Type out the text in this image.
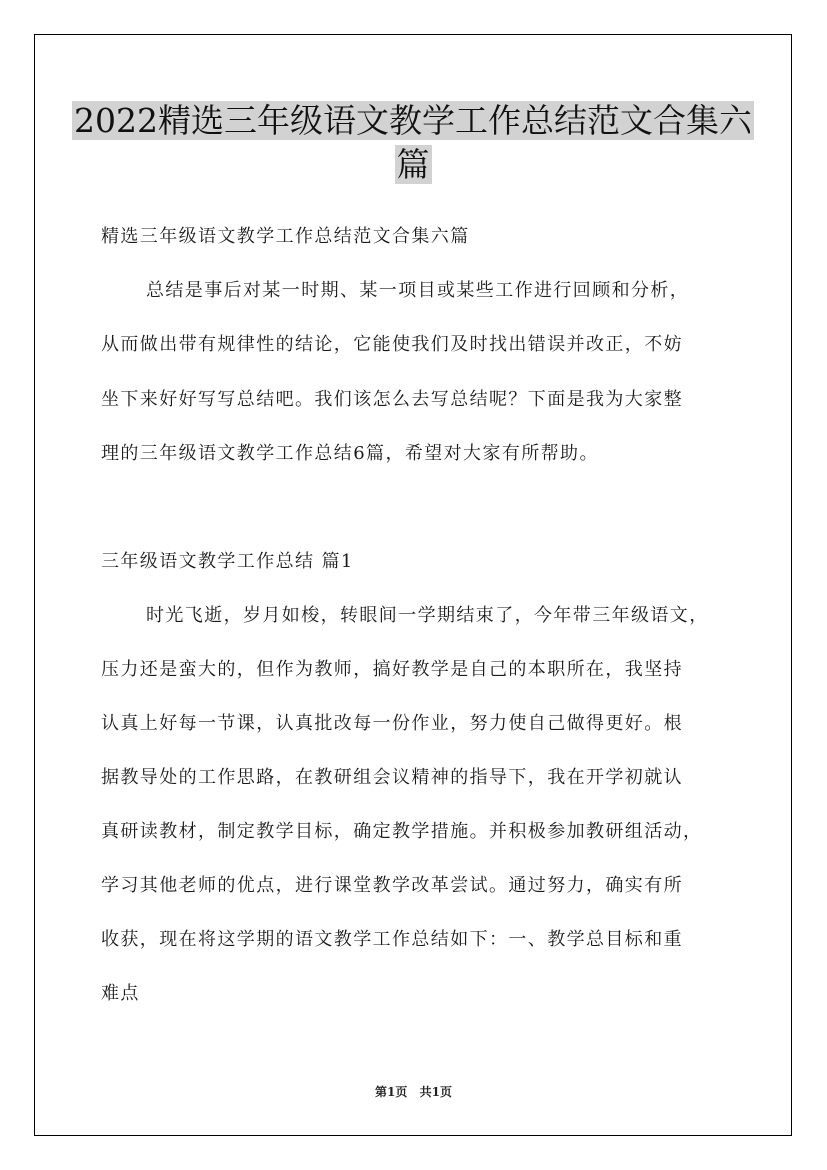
2022精选三年级语文教学工作总结范文合集六
篇
精选三年级语文教学工作总结范文合集六篇
总结是事后对某一时期、某一项目或某些工作进行回顾和分析，
从而做出带有规律性的结论，它能使我们及时找出错误并改正，不妨
坐下来好好写写总结吧。我们该怎么去写总结呢？下面是我为大家整
理的三年级语文教学工作总结6篇，希望对大家有所帮助。
三年级语文教学工作总结 篇1
时光飞逝，岁月如梭，转眼间一学期结束了，今年带三年级语文，
压力还是蛮大的，但作为教师，搞好教学是自己的本职所在，我坚持
认真上好每一节课，认真批改每一份作业，努力使自己做得更好。根
据教导处的工作思路，在教研组会议精神的指导下，我在开学初就认
真研读教材，制定教学目标，确定教学措施。并积极参加教研组活动，
学习其他老师的优点，进行课堂教学改革尝试。通过努力，确实有所
收获，现在将这学期的语文教学工作总结如下：一、教学总目标和重
难点
第1页 共1页
